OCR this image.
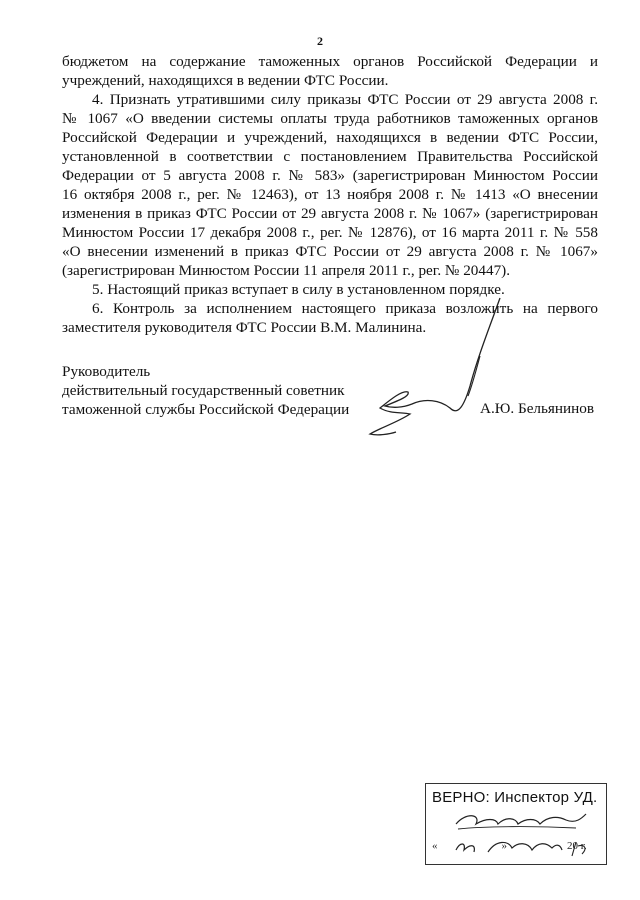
2
бюджетом на содержание таможенных органов Российской Федерации и
учреждений, находящихся в ведении ФТС России.
4. Признать утратившими силу приказы ФТС России от 29 августа 2008 г.
№ 1067 «О введении системы оплаты труда работников таможенных органов
Российской Федерации и учреждений, находящихся в ведении ФТС России,
установленной в соответствии с постановлением Правительства Российской
Федерации от 5 августа 2008 г. № 583» (зарегистрирован Минюстом России
16 октября 2008 г., рег. № 12463), от 13 ноября 2008 г. № 1413 «О внесении
изменения в приказ ФТС России от 29 августа 2008 г. № 1067» (зарегистрирован
Минюстом России 17 декабря 2008 г., рег. № 12876), от 16 марта 2011 г. № 558
«О внесении изменений в приказ ФТС России от 29 августа 2008 г. № 1067»
(зарегистрирован Минюстом России 11 апреля 2011 г., рег. № 20447).
5. Настоящий приказ вступает в силу в установленном порядке.
6. Контроль за исполнением настоящего приказа возложить на первого
заместителя руководителя ФТС России В.М. Малинина.
Руководитель
действительный государственный советник
таможенной службы Российской Федерации	А.Ю. Бельянинов
ВЕРНО: Инспектор УД.
«	»	20 г.
